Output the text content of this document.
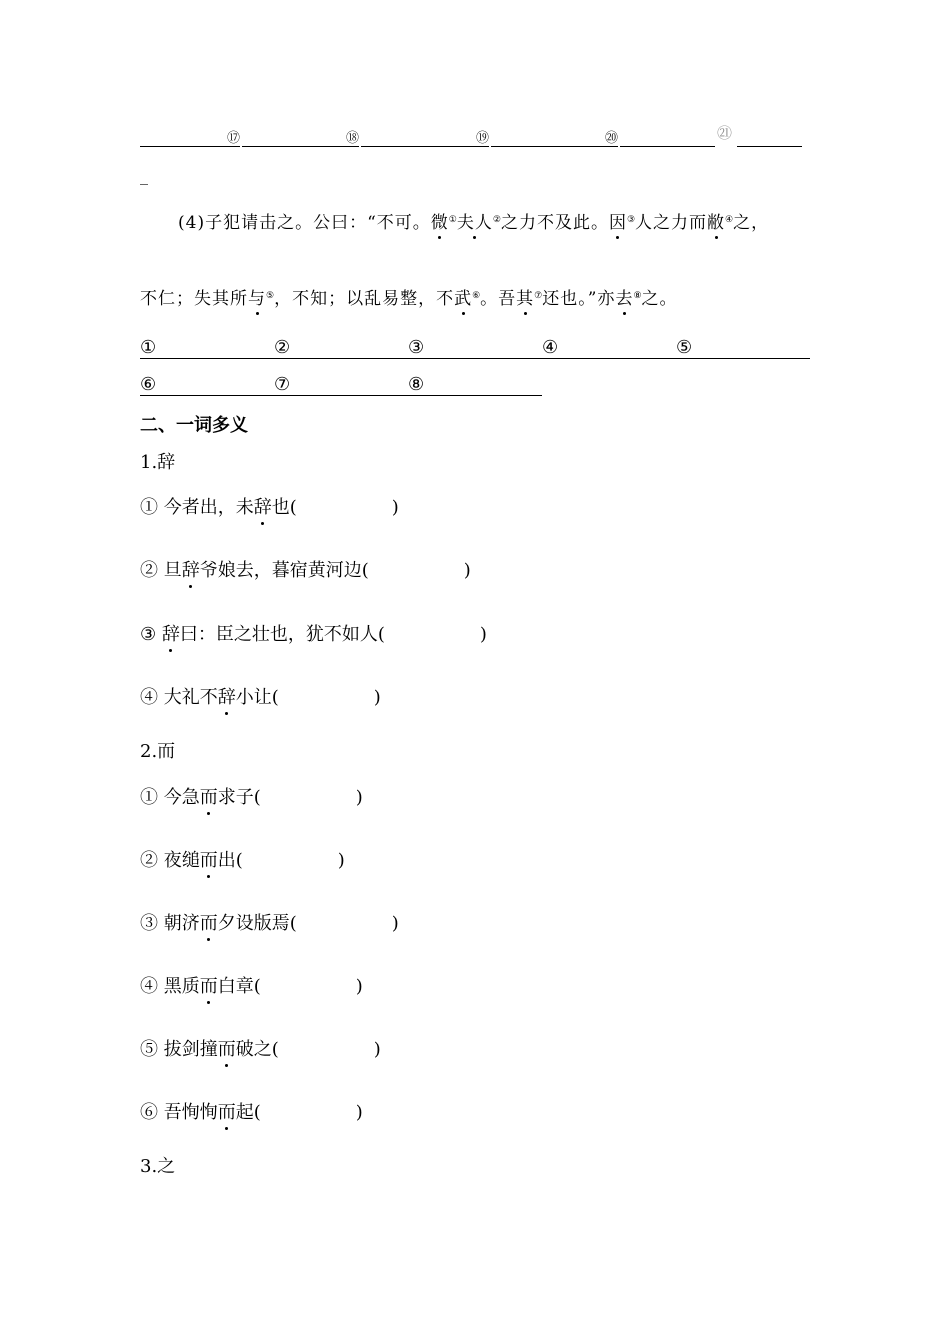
⑰	⑱	⑲	⑳	㉑
_
(4)子犯请击之。公曰：“不可。微①夫人②之力不及此。因③人之力而敝④之，
不仁；失其所与⑤，不知；以乱易整，不武⑥。吾其⑦还也。”亦去⑧之。
①	②	③	④	⑤
⑥	⑦	⑧
二、一词多义
1.辞
① 今者出，未辞也(	)
② 旦辞爷娘去，暮宿黄河边(	)
③ 辞曰：臣之壮也，犹不如人(	)
④ 大礼不辞小让(	)
2.而
① 今急而求子(	)
② 夜缒而出(	)
③ 朝济而夕设版焉(	)
④ 黑质而白章(	)
⑤ 拔剑撞而破之(	)
⑥ 吾恂恂而起(	)
3.之
